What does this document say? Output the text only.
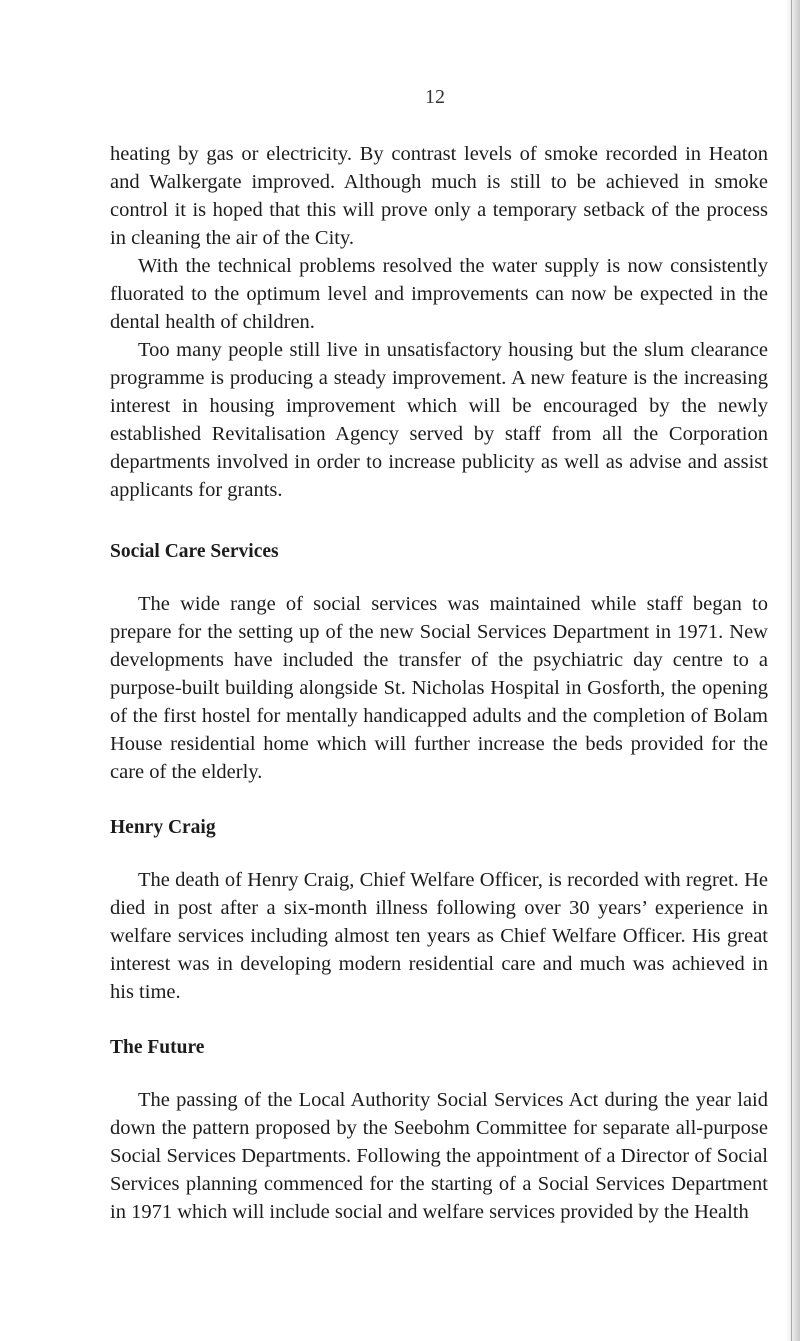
12

heating by gas or electricity. By contrast levels of smoke recorded in Heaton and Walkergate improved. Although much is still to be achieved in smoke control it is hoped that this will prove only a temporary setback of the process in cleaning the air of the City.

With the technical problems resolved the water supply is now consistently fluorated to the optimum level and improvements can now be expected in the dental health of children.

Too many people still live in unsatisfactory housing but the slum clearance programme is producing a steady improvement. A new feature is the increasing interest in housing improvement which will be encouraged by the newly established Revitalisation Agency served by staff from all the Corporation departments involved in order to increase publicity as well as advise and assist applicants for grants.

Social Care Services

The wide range of social services was maintained while staff began to prepare for the setting up of the new Social Services Department in 1971. New developments have included the transfer of the psychiatric day centre to a purpose-built building alongside St. Nicholas Hospital in Gosforth, the opening of the first hostel for mentally handicapped adults and the completion of Bolam House residential home which will further increase the beds provided for the care of the elderly.

Henry Craig

The death of Henry Craig, Chief Welfare Officer, is recorded with regret. He died in post after a six-month illness following over 30 years’ experience in welfare services including almost ten years as Chief Welfare Officer. His great interest was in developing modern residential care and much was achieved in his time.

The Future

The passing of the Local Authority Social Services Act during the year laid down the pattern proposed by the Seebohm Committee for separate all-purpose Social Services Departments. Following the appointment of a Director of Social Services planning commenced for the starting of a Social Services Department in 1971 which will include social and welfare services provided by the Health
